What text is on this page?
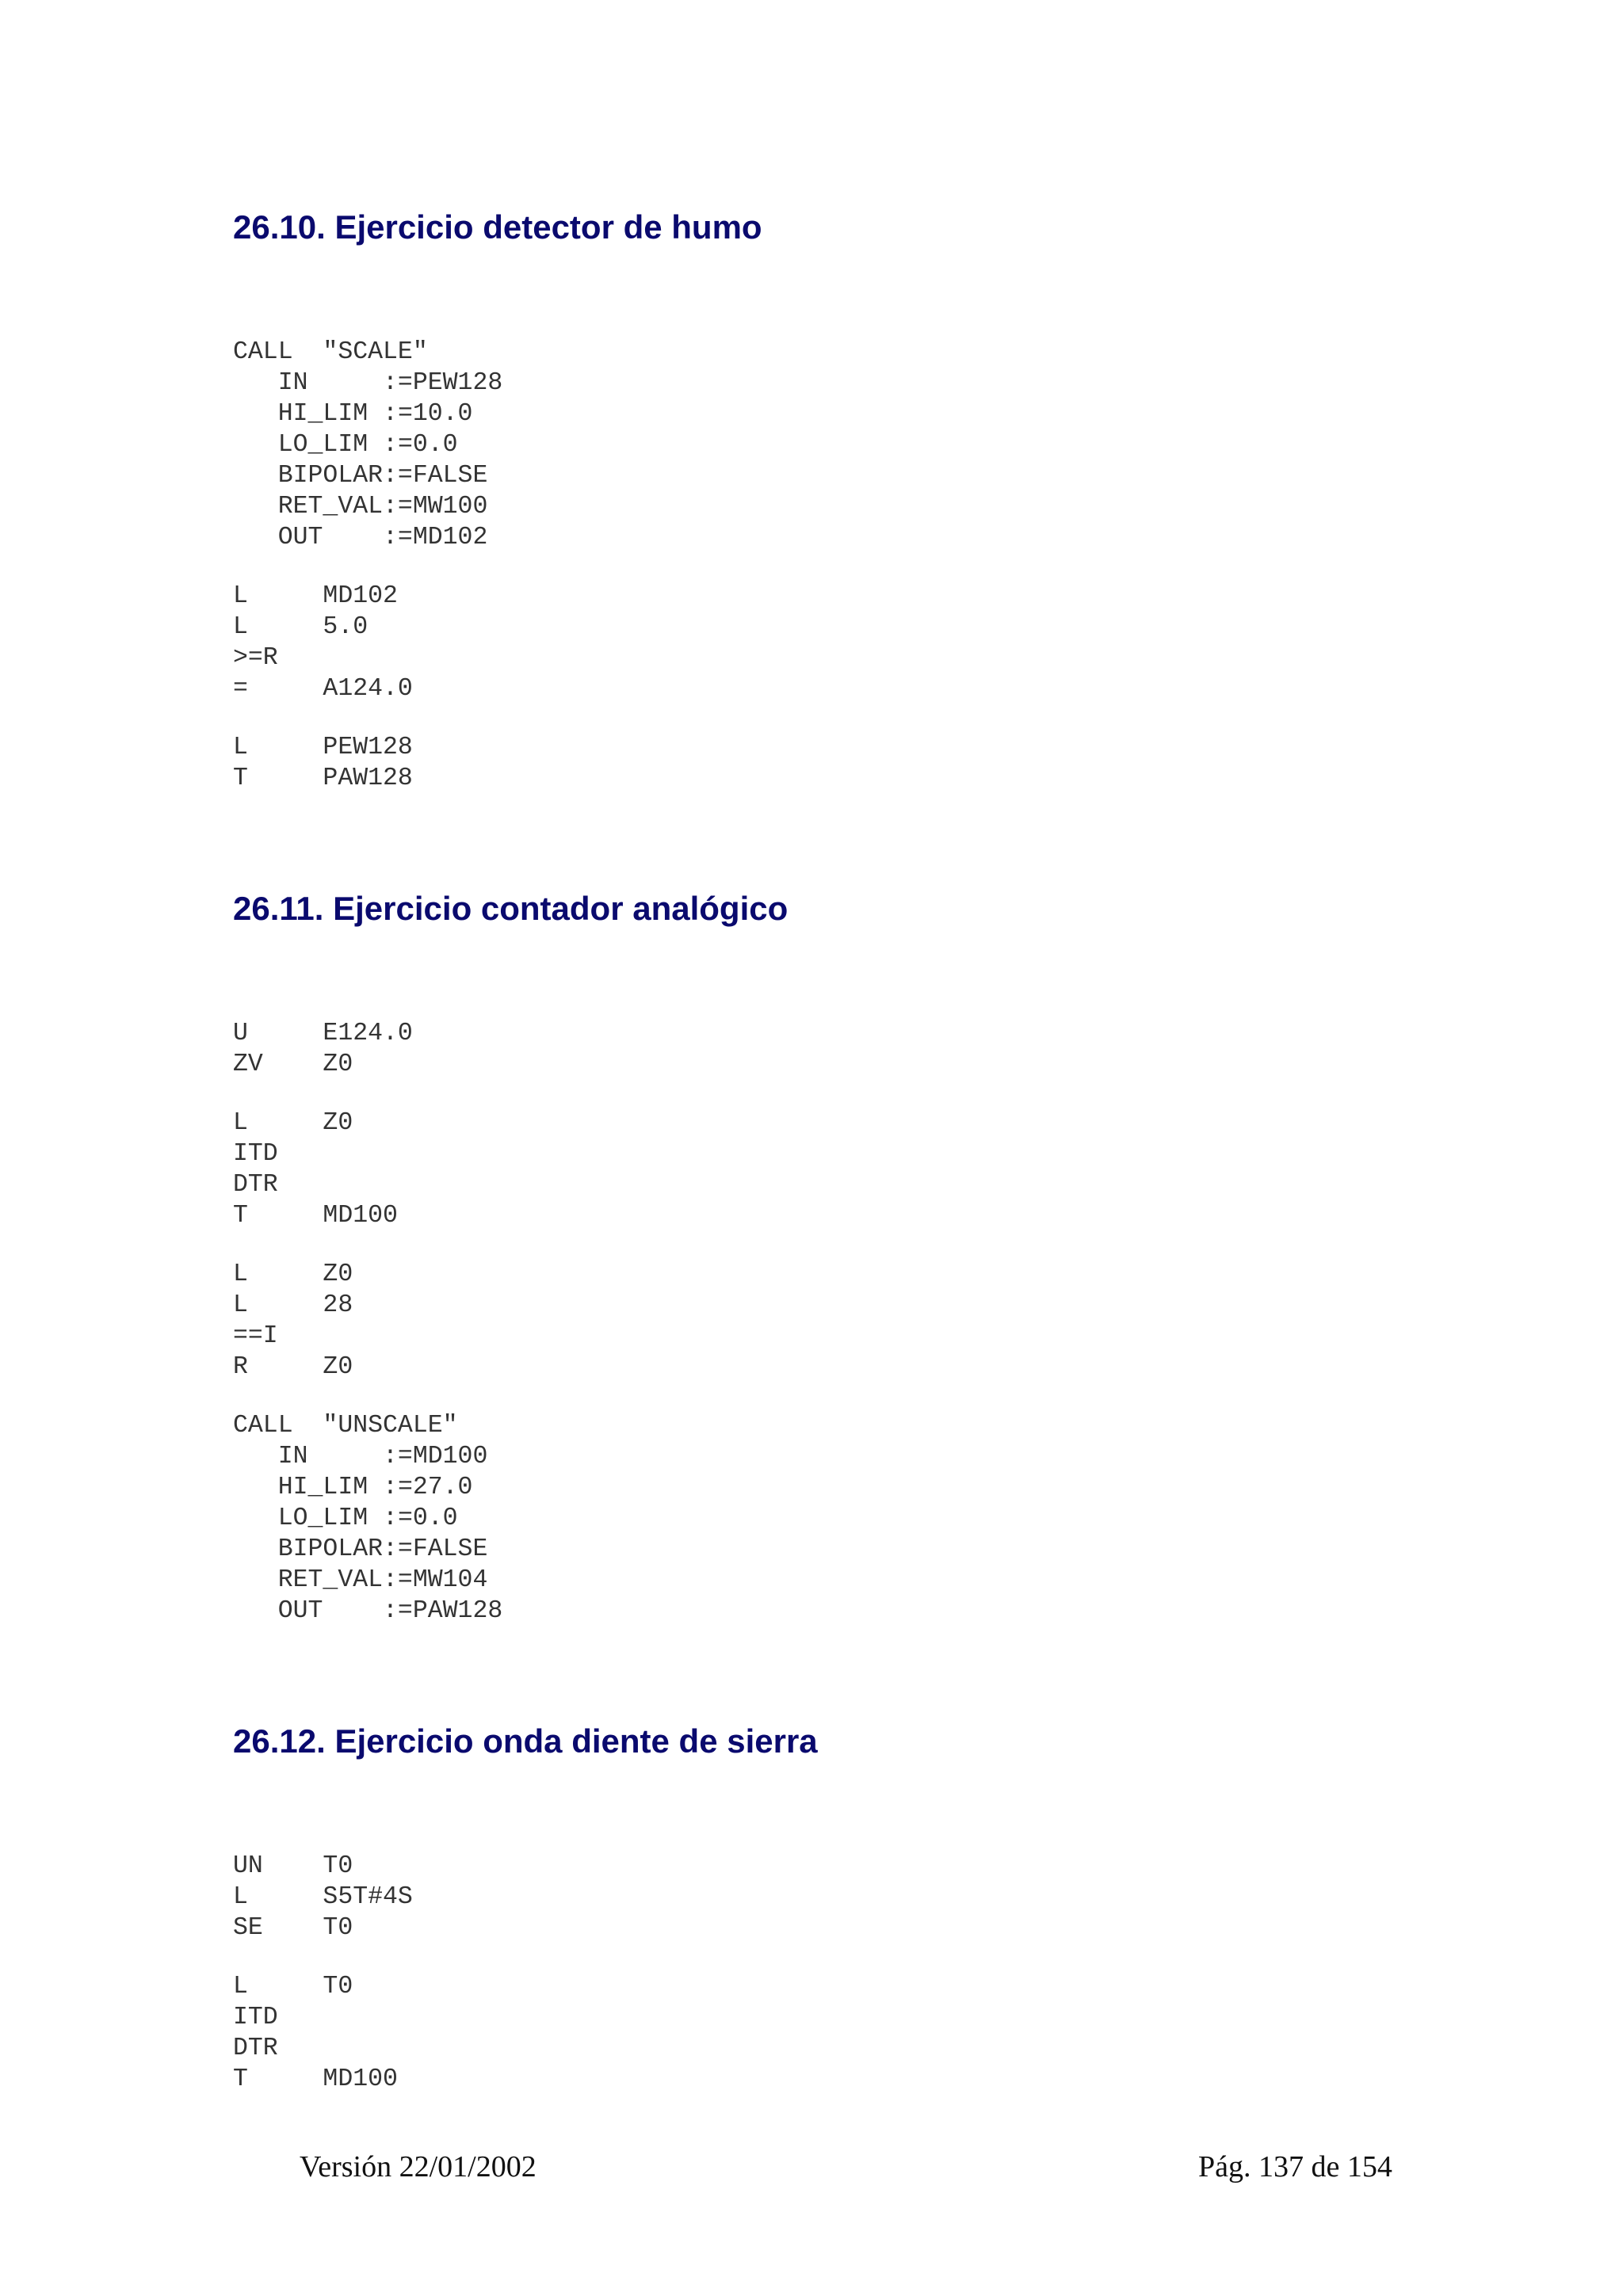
26.10. Ejercicio detector de humo
CALL  "SCALE"
IN     :=PEW128
HI_LIM :=10.0
LO_LIM :=0.0
BIPOLAR:=FALSE
RET_VAL:=MW100
OUT    :=MD102
L     MD102
L     5.0
>=R
=     A124.0
L     PEW128
T     PAW128
26.11. Ejercicio contador analógico
U     E124.0
ZV    Z0
L     Z0
ITD
DTR
T     MD100
L     Z0
L     28
==I
R     Z0
CALL  "UNSCALE"
IN     :=MD100
HI_LIM :=27.0
LO_LIM :=0.0
BIPOLAR:=FALSE
RET_VAL:=MW104
OUT    :=PAW128
26.12. Ejercicio onda diente de sierra
UN    T0
L     S5T#4S
SE    T0
L     T0
ITD
DTR
T     MD100
Versión 22/01/2002	Pág. 137 de 154
